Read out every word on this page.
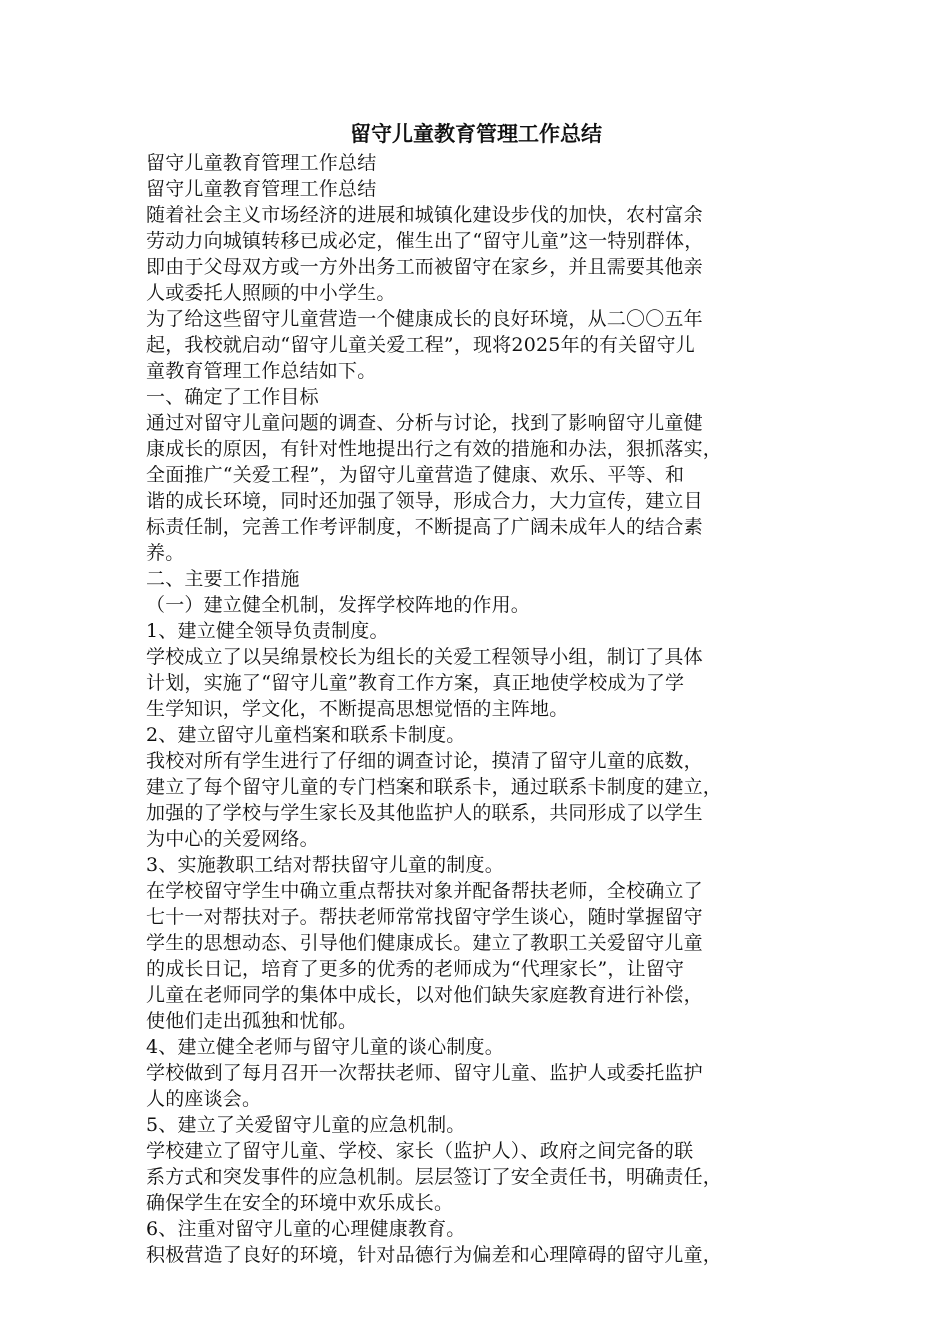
留守儿童教育管理工作总结

留守儿童教育管理工作总结

留守儿童教育管理工作总结

随着社会主义市场经济的进展和城镇化建设步伐的加快，农村富余

劳动力向城镇转移已成必定，催生出了“留守儿童”这一特别群体，

即由于父母双方或一方外出务工而被留守在家乡，并且需要其他亲

人或委托人照顾的中小学生。

为了给这些留守儿童营造一个健康成长的良好环境，从二〇〇五年

起，我校就启动“留守儿童关爱工程”，现将2025年的有关留守儿

童教育管理工作总结如下。

一、确定了工作目标

通过对留守儿童问题的调查、分析与讨论，找到了影响留守儿童健

康成长的原因，有针对性地提出行之有效的措施和办法，狠抓落实，

全面推广“关爱工程”，为留守儿童营造了健康、欢乐、平等、和

谐的成长环境，同时还加强了领导，形成合力，大力宣传，建立目

标责任制，完善工作考评制度，不断提高了广阔未成年人的结合素

养。

二、主要工作措施

（一）建立健全机制，发挥学校阵地的作用。

1、建立健全领导负责制度。

学校成立了以吴绵景校长为组长的关爱工程领导小组，制订了具体

计划，实施了“留守儿童”教育工作方案，真正地使学校成为了学

生学知识，学文化，不断提高思想觉悟的主阵地。

2、建立留守儿童档案和联系卡制度。

我校对所有学生进行了仔细的调查讨论，摸清了留守儿童的底数，

建立了每个留守儿童的专门档案和联系卡，通过联系卡制度的建立，

加强的了学校与学生家长及其他监护人的联系，共同形成了以学生

为中心的关爱网络。

3、实施教职工结对帮扶留守儿童的制度。

在学校留守学生中确立重点帮扶对象并配备帮扶老师，全校确立了

七十一对帮扶对子。帮扶老师常常找留守学生谈心，随时掌握留守

学生的思想动态、引导他们健康成长。建立了教职工关爱留守儿童

的成长日记，培育了更多的优秀的老师成为“代理家长”，让留守

儿童在老师同学的集体中成长，以对他们缺失家庭教育进行补偿，

使他们走出孤独和忧郁。

4、建立健全老师与留守儿童的谈心制度。

学校做到了每月召开一次帮扶老师、留守儿童、监护人或委托监护

人的座谈会。

5、建立了关爱留守儿童的应急机制。

学校建立了留守儿童、学校、家长（监护人）、政府之间完备的联

系方式和突发事件的应急机制。层层签订了安全责任书，明确责任，

确保学生在安全的环境中欢乐成长。

6、注重对留守儿童的心理健康教育。

积极营造了良好的环境，针对品德行为偏差和心理障碍的留守儿童，
